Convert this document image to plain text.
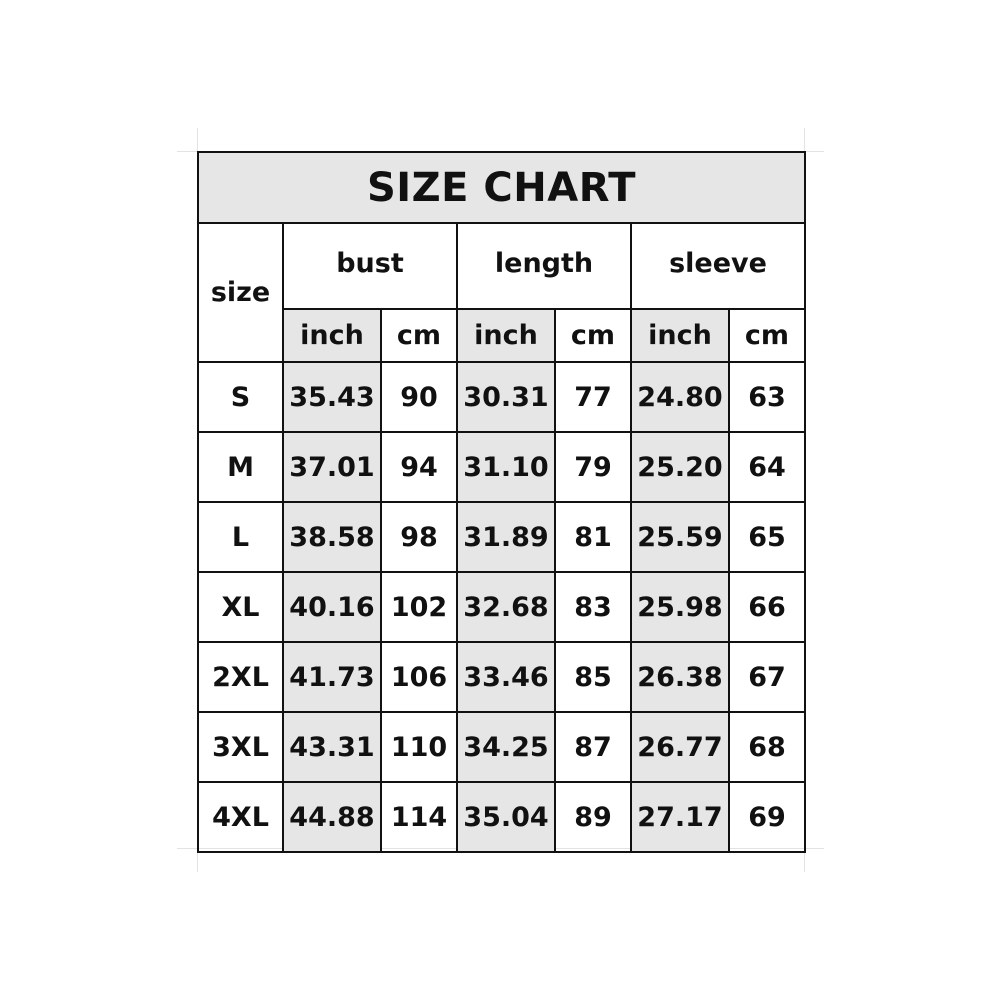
SIZE CHART						
size	bust		length		sleeve	
	inch	cm	inch	cm	inch	cm
S	35.43	90	30.31	77	24.80	63
M	37.01	94	31.10	79	25.20	64
L	38.58	98	31.89	81	25.59	65
XL	40.16	102	32.68	83	25.98	66
2XL	41.73	106	33.46	85	26.38	67
3XL	43.31	110	34.25	87	26.77	68
4XL	44.88	114	35.04	89	27.17	69
